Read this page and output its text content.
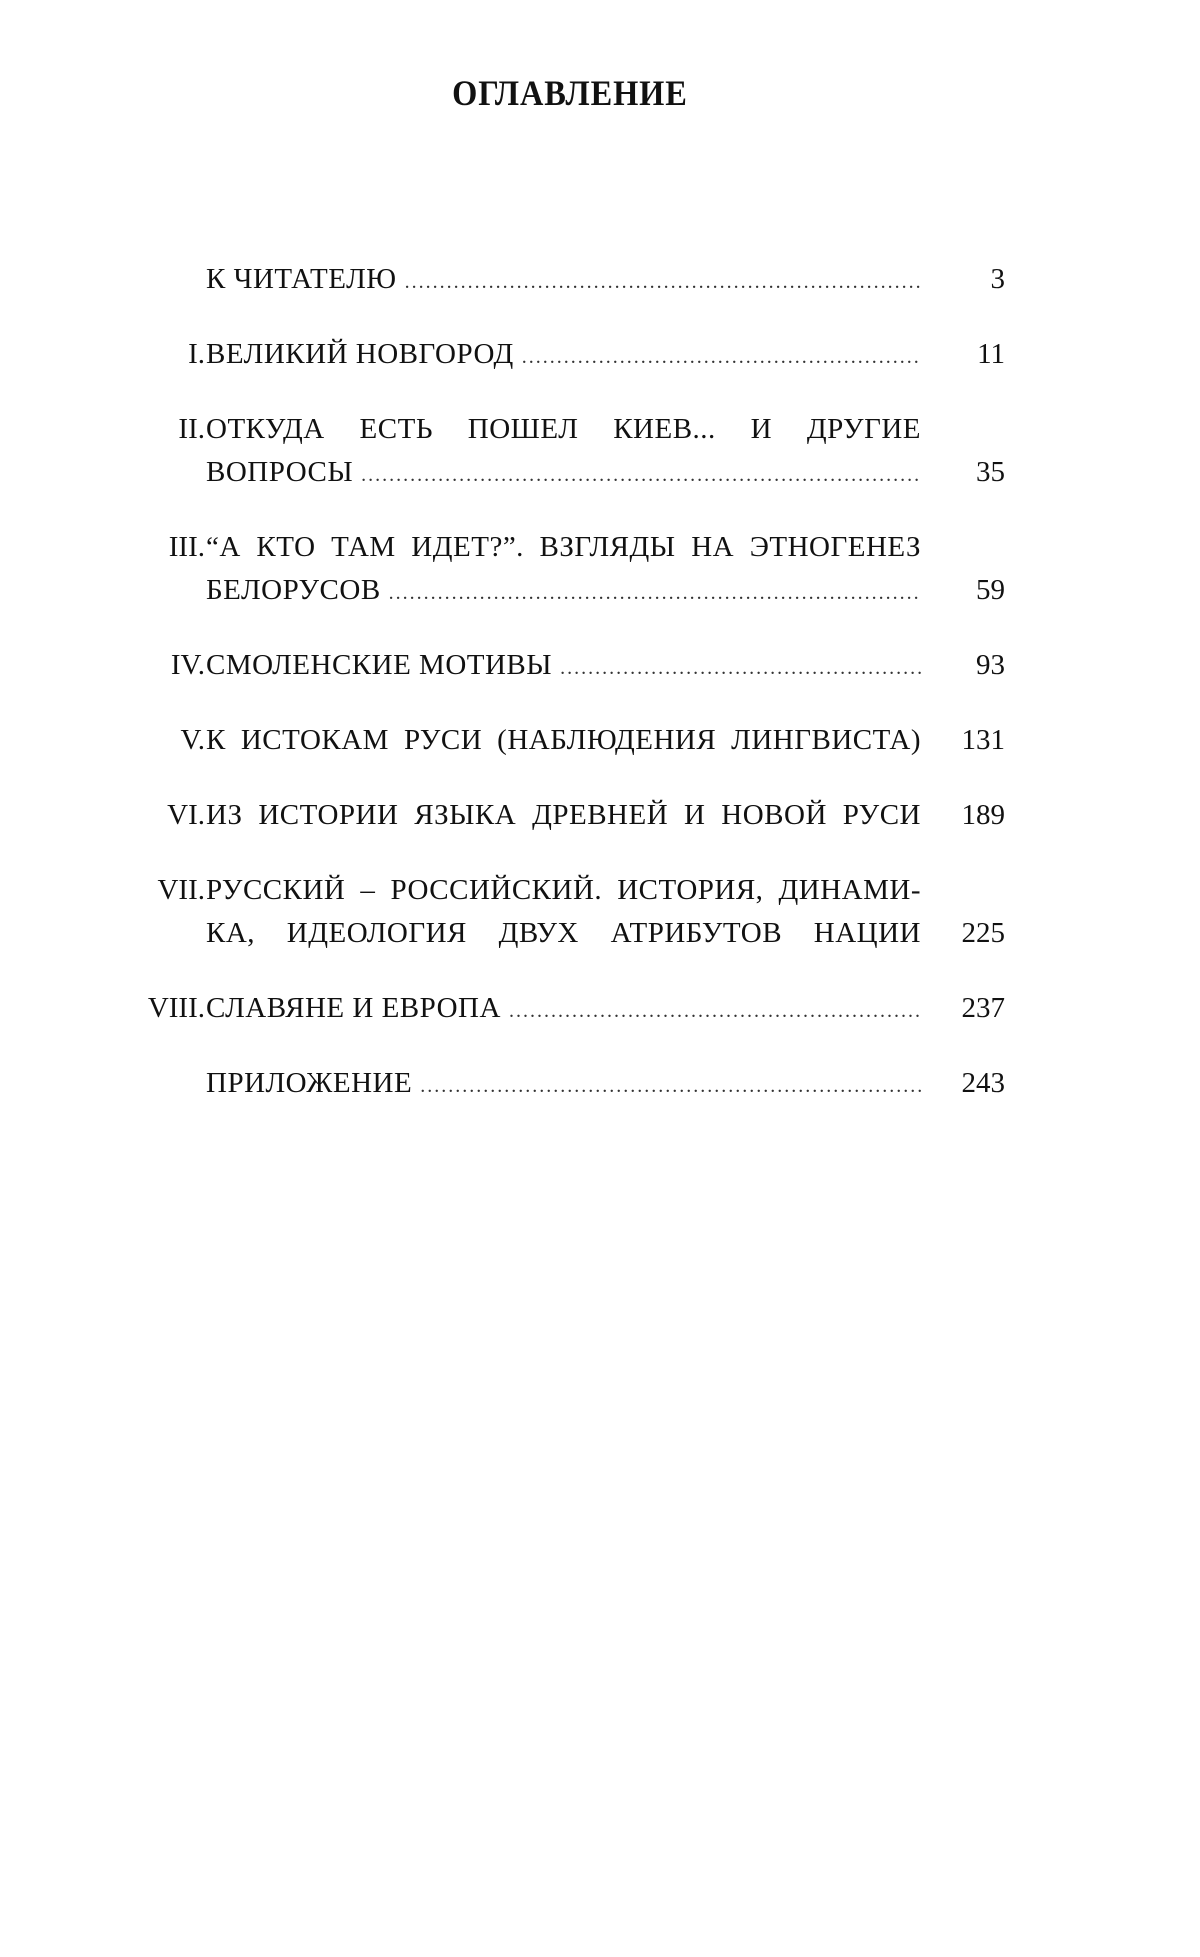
ОГЛАВЛЕНИЕ
К ЧИТАТЕЛЮ .....	3
I. ВЕЛИКИЙ НОВГОРОД .....	11
II. ОТКУДА ЕСТЬ ПОШЕЛ КИЕВ... И ДРУГИЕ
ВОПРОСЫ .....	35
III. “А КТО ТАМ ИДЕТ?”. ВЗГЛЯДЫ НА ЭТНОГЕНЕЗ
БЕЛОРУСОВ .....	59
IV. СМОЛЕНСКИЕ МОТИВЫ .....	93
V. К ИСТОКАМ РУСИ (НАБЛЮДЕНИЯ ЛИНГВИСТА)	131
VI. ИЗ ИСТОРИИ ЯЗЫКА ДРЕВНЕЙ И НОВОЙ РУСИ	189
VII. РУССКИЙ – РОССИЙСКИЙ. ИСТОРИЯ, ДИНАМИ-
КА, ИДЕОЛОГИЯ ДВУХ АТРИБУТОВ НАЦИИ	225
VIII. СЛАВЯНЕ И ЕВРОПА .....	237
ПРИЛОЖЕНИЕ .....	243
